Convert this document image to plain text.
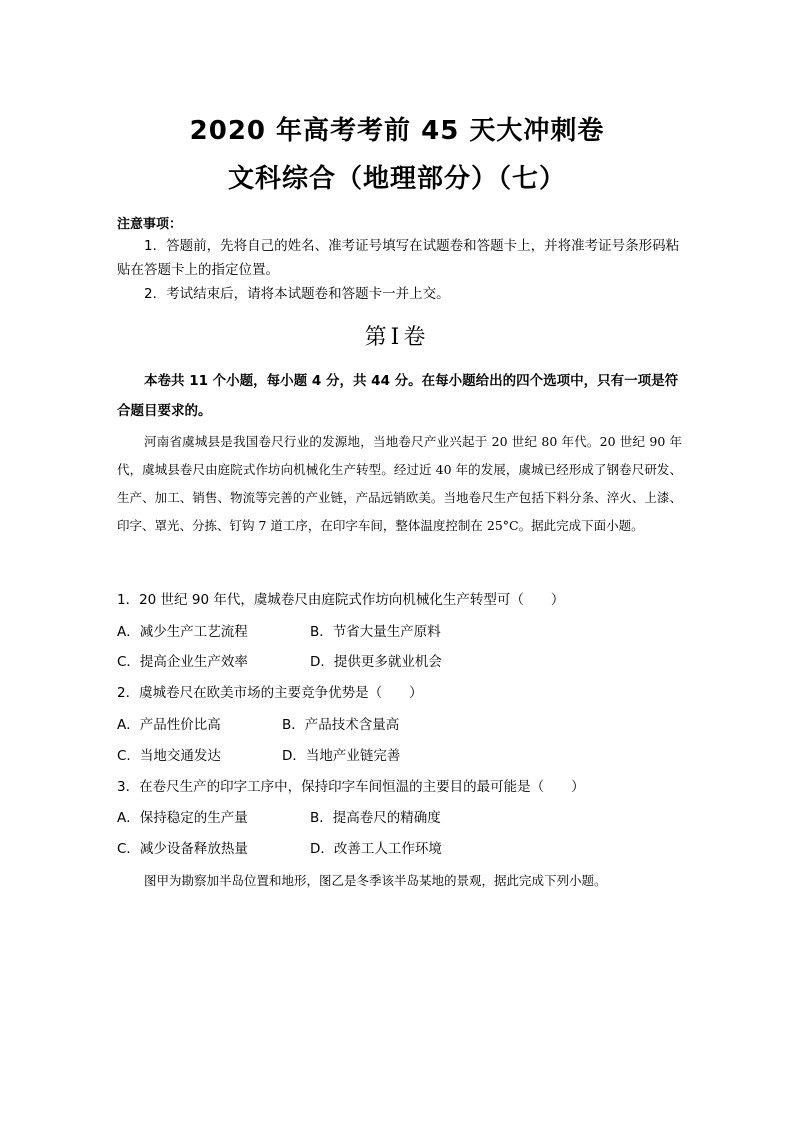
2020 年高考考前 45 天大冲刺卷
文科综合（地理部分）（七）
注意事项：

1．答题前，先将自己的姓名、准考证号填写在试题卷和答题卡上，并将准考证号条形码粘贴在答题卡上的指定位置。

2．考试结束后，请将本试题卷和答题卡一并上交。

第Ⅰ卷
本卷共 11 个小题，每小题 4 分，共 44 分。在每小题给出的四个选项中，只有一项是符合题目要求的。
河南省虞城县是我国卷尺行业的发源地，当地卷尺产业兴起于 20 世纪 80 年代。20 世纪 90 年代，虞城县卷尺由庭院式作坊向机械化生产转型。经过近 40 年的发展，虞城已经形成了钢卷尺研发、生产、加工、销售、物流等完善的产业链，产品远销欧美。当地卷尺生产包括下料分条、淬火、上漆、印字、罩光、分拣、钉钩 7 道工序，在印字车间，整体温度控制在 25°C。据此完成下面小题。
1．20 世纪 90 年代，虞城卷尺由庭院式作坊向机械化生产转型可（　　）
A．减少生产工艺流程	B．节省大量生产原料
C．提高企业生产效率	D．提供更多就业机会
2．虞城卷尺在欧美市场的主要竞争优势是（　　）
A．产品性价比高	B．产品技术含量高
C．当地交通发达	D．当地产业链完善
3．在卷尺生产的印字工序中，保持印字车间恒温的主要目的最可能是（　　）
A．保持稳定的生产量	B．提高卷尺的精确度
C．减少设备释放热量	D．改善工人工作环境
图甲为勘察加半岛位置和地形，图乙是冬季该半岛某地的景观，据此完成下列小题。
